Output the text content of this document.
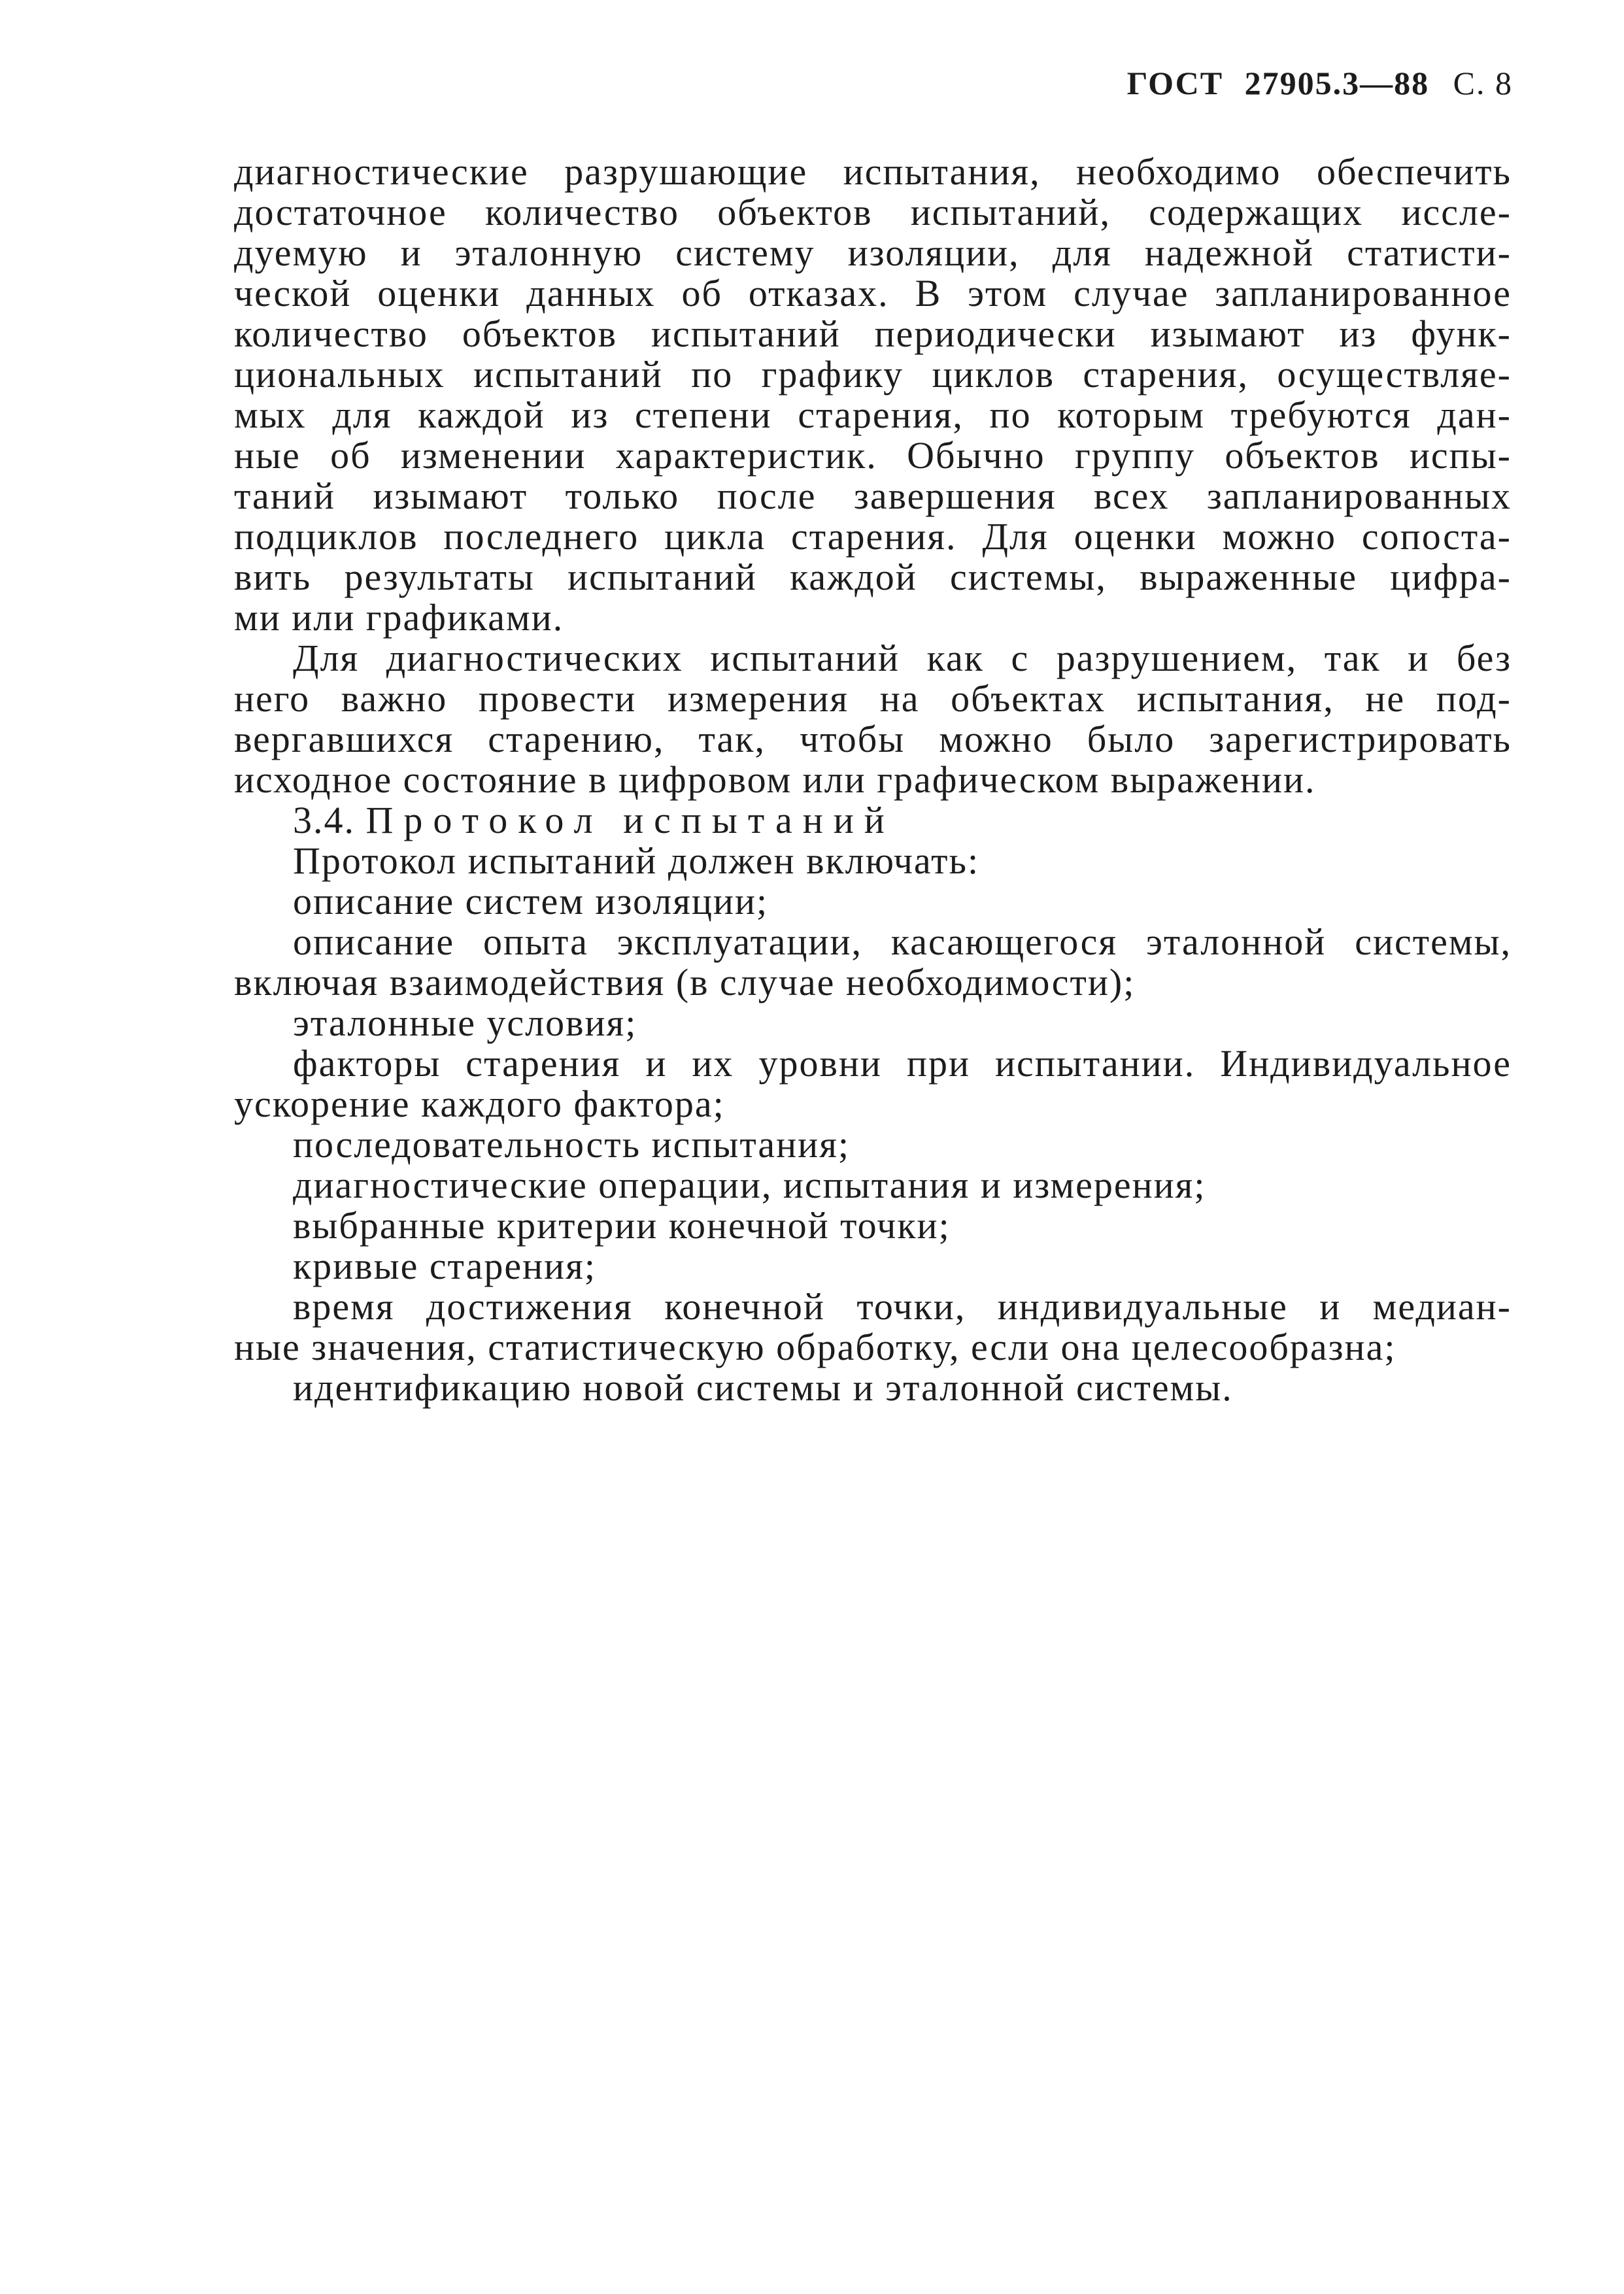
ГОСТ 27905.3—88 С. 8

диагностические разрушающие испытания, необходимо обеспечить

достаточное количество объектов испытаний, содержащих иссле-

дуемую и эталонную систему изоляции, для надежной статисти-

ческой оценки данных об отказах. В этом случае запланированное

количество объектов испытаний периодически изымают из функ-

циональных испытаний по графику циклов старения, осуществляе-

мых для каждой из степени старения, по которым требуются дан-

ные об изменении характеристик. Обычно группу объектов испы-

таний изымают только после завершения всех запланированных

подциклов последнего цикла старения. Для оценки можно сопоста-

вить результаты испытаний каждой системы, выраженные цифра-

ми или графиками.

Для диагностических испытаний как с разрушением, так и без

него важно провести измерения на объектах испытания, не под-

вергавшихся старению, так, чтобы можно было зарегистрировать

исходное состояние в цифровом или графическом выражении.

3.4. Протокол испытаний

Протокол испытаний должен включать:

описание систем изоляции;

описание опыта эксплуатации, касающегося эталонной системы,

включая взаимодействия (в случае необходимости);

эталонные условия;

факторы старения и их уровни при испытании. Индивидуальное

ускорение каждого фактора;

последовательность испытания;

диагностические операции, испытания и измерения;

выбранные критерии конечной точки;

кривые старения;

время достижения конечной точки, индивидуальные и медиан-

ные значения, статистическую обработку, если она целесообразна;

идентификацию новой системы и эталонной системы.
